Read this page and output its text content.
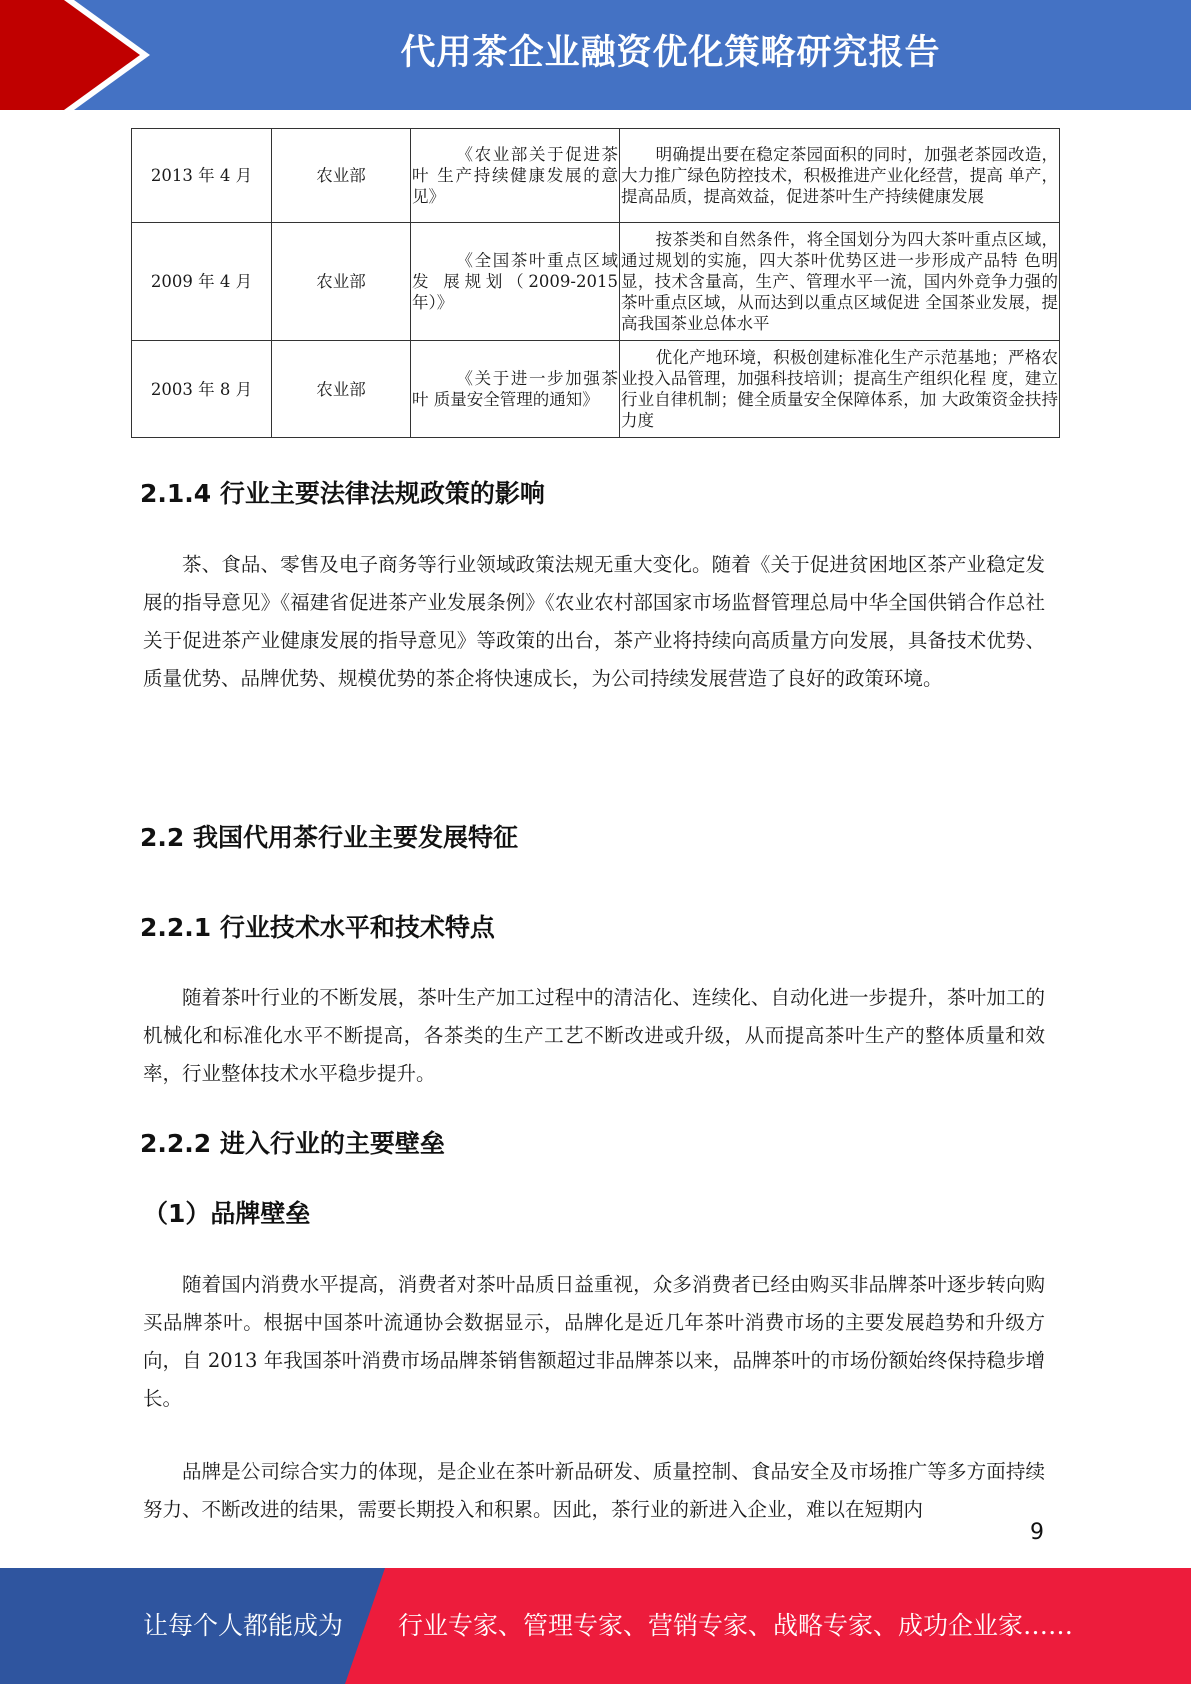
代用茶企业融资优化策略研究报告
2013 年 4 月	农业部	《农业部关于促进茶叶 生产持续健康发展的意 见》	明确提出要在稳定茶园面积的同时，加强老茶园改造， 大力推广绿色防控技术，积极推进产业化经营，提高 单产，提高品质，提高效益，促进茶叶生产持续健康发展
2009 年 4 月	农业部	《全国茶叶重点区域发 展规划（2009-2015年）》	按茶类和自然条件，将全国划分为四大茶叶重点区域， 通过规划的实施，四大茶叶优势区进一步形成产品特 色明显，技术含量高，生产、管理水平一流，国内外竞争力强的茶叶重点区域，从而达到以重点区域促进 全国茶业发展，提高我国茶业总体水平
2003 年 8 月	农业部	《关于进一步加强茶叶 质量安全管理的通知》	优化产地环境，积极创建标准化生产示范基地；严格农业投入品管理，加强科技培训；提高生产组织化程 度，建立行业自律机制；健全质量安全保障体系，加 大政策资金扶持力度
2.1.4 行业主要法律法规政策的影响
茶、食品、零售及电子商务等行业领域政策法规无重大变化。随着《关于促进贫困地区茶产业稳定发展的指导意见》《福建省促进茶产业发展条例》《农业农村部国家市场监督管理总局中华全国供销合作总社关于促进茶产业健康发展的指导意见》等政策的出台，茶产业将持续向高质量方向发展，具备技术优势、质量优势、品牌优势、规模优势的茶企将快速成长，为公司持续发展营造了良好的政策环境。
2.2 我国代用茶行业主要发展特征
2.2.1 行业技术水平和技术特点
随着茶叶行业的不断发展，茶叶生产加工过程中的清洁化、连续化、自动化进一步提升，茶叶加工的机械化和标准化水平不断提高，各茶类的生产工艺不断改进或升级，从而提高茶叶生产的整体质量和效率，行业整体技术水平稳步提升。
2.2.2 进入行业的主要壁垒
（1）品牌壁垒
随着国内消费水平提高，消费者对茶叶品质日益重视，众多消费者已经由购买非品牌茶叶逐步转向购买品牌茶叶。根据中国茶叶流通协会数据显示，品牌化是近几年茶叶消费市场的主要发展趋势和升级方向，自 2013 年我国茶叶消费市场品牌茶销售额超过非品牌茶以来，品牌茶叶的市场份额始终保持稳步增长。
品牌是公司综合实力的体现，是企业在茶叶新品研发、质量控制、食品安全及市场推广等多方面持续努力、不断改进的结果，需要长期投入和积累。因此，茶行业的新进入企业，难以在短期内
9
让每个人都能成为 行业专家、管理专家、营销专家、战略专家、成功企业家……
